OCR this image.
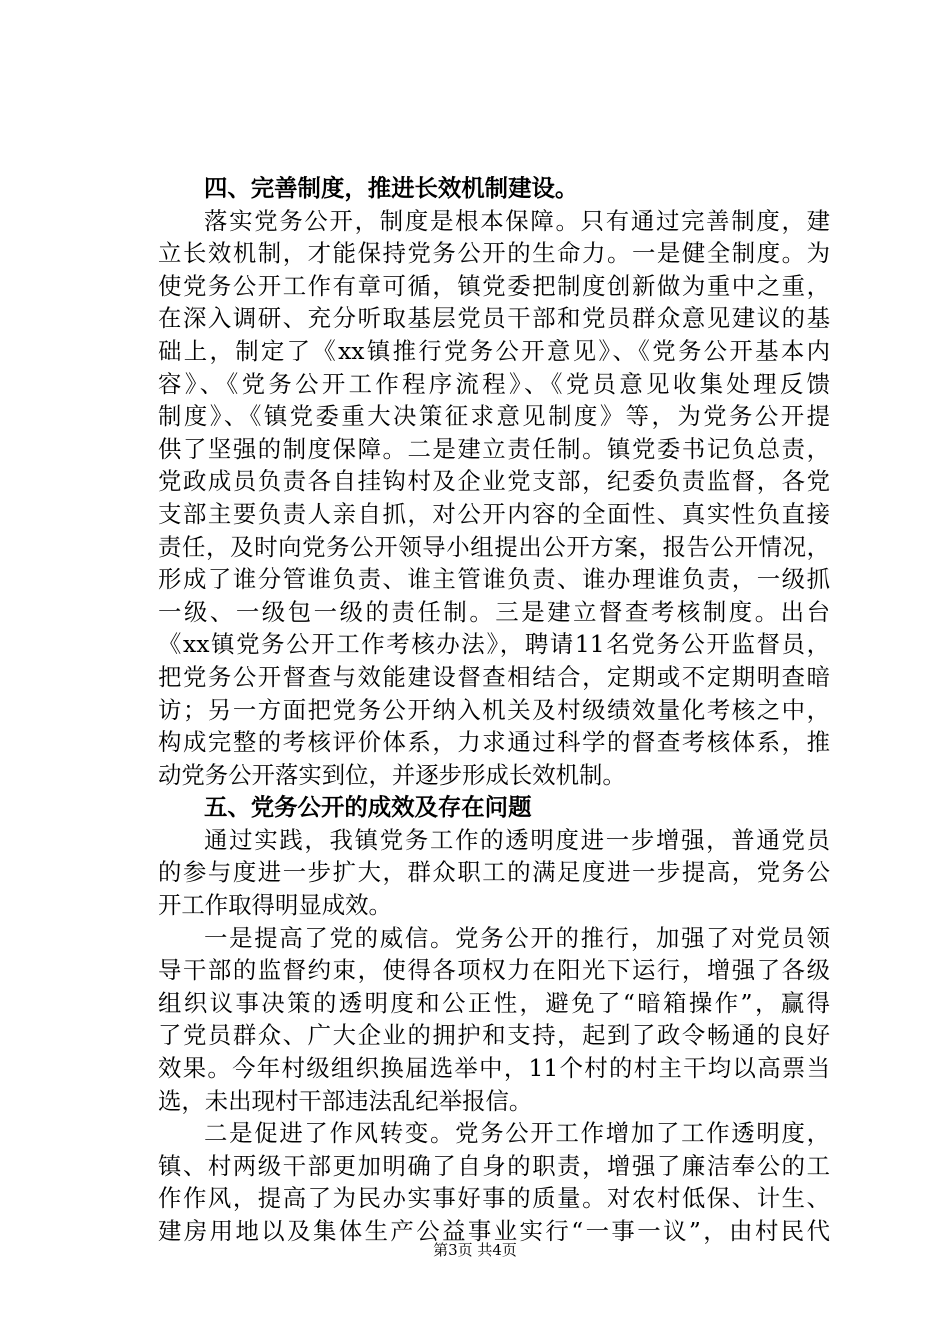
四、完善制度，推进长效机制建设。
落实党务公开，制度是根本保障。只有通过完善制度，建
立长效机制，才能保持党务公开的生命力。一是健全制度。为
使党务公开工作有章可循，镇党委把制度创新做为重中之重，
在深入调研、充分听取基层党员干部和党员群众意见建议的基
础上，制定了《xx镇推行党务公开意见》、《党务公开基本内
容》、《党务公开工作程序流程》、《党员意见收集处理反馈
制度》、《镇党委重大决策征求意见制度》等，为党务公开提
供了坚强的制度保障。二是建立责任制。镇党委书记负总责，
党政成员负责各自挂钩村及企业党支部，纪委负责监督，各党
支部主要负责人亲自抓，对公开内容的全面性、真实性负直接
责任，及时向党务公开领导小组提出公开方案，报告公开情况，
形成了谁分管谁负责、谁主管谁负责、谁办理谁负责，一级抓
一级、一级包一级的责任制。三是建立督查考核制度。出台
《xx镇党务公开工作考核办法》，聘请11名党务公开监督员，
把党务公开督查与效能建设督查相结合，定期或不定期明查暗
访；另一方面把党务公开纳入机关及村级绩效量化考核之中，
构成完整的考核评价体系，力求通过科学的督查考核体系，推
动党务公开落实到位，并逐步形成长效机制。
五、党务公开的成效及存在问题
通过实践，我镇党务工作的透明度进一步增强，普通党员
的参与度进一步扩大，群众职工的满足度进一步提高，党务公
开工作取得明显成效。
一是提高了党的威信。党务公开的推行，加强了对党员领
导干部的监督约束，使得各项权力在阳光下运行，增强了各级
组织议事决策的透明度和公正性，避免了“暗箱操作”，赢得
了党员群众、广大企业的拥护和支持，起到了政令畅通的良好
效果。今年村级组织换届选举中，11个村的村主干均以高票当
选，未出现村干部违法乱纪举报信。
二是促进了作风转变。党务公开工作增加了工作透明度，
镇、村两级干部更加明确了自身的职责，增强了廉洁奉公的工
作作风，提高了为民办实事好事的质量。对农村低保、计生、
建房用地以及集体生产公益事业实行“一事一议”，由村民代
第3页 共4页
